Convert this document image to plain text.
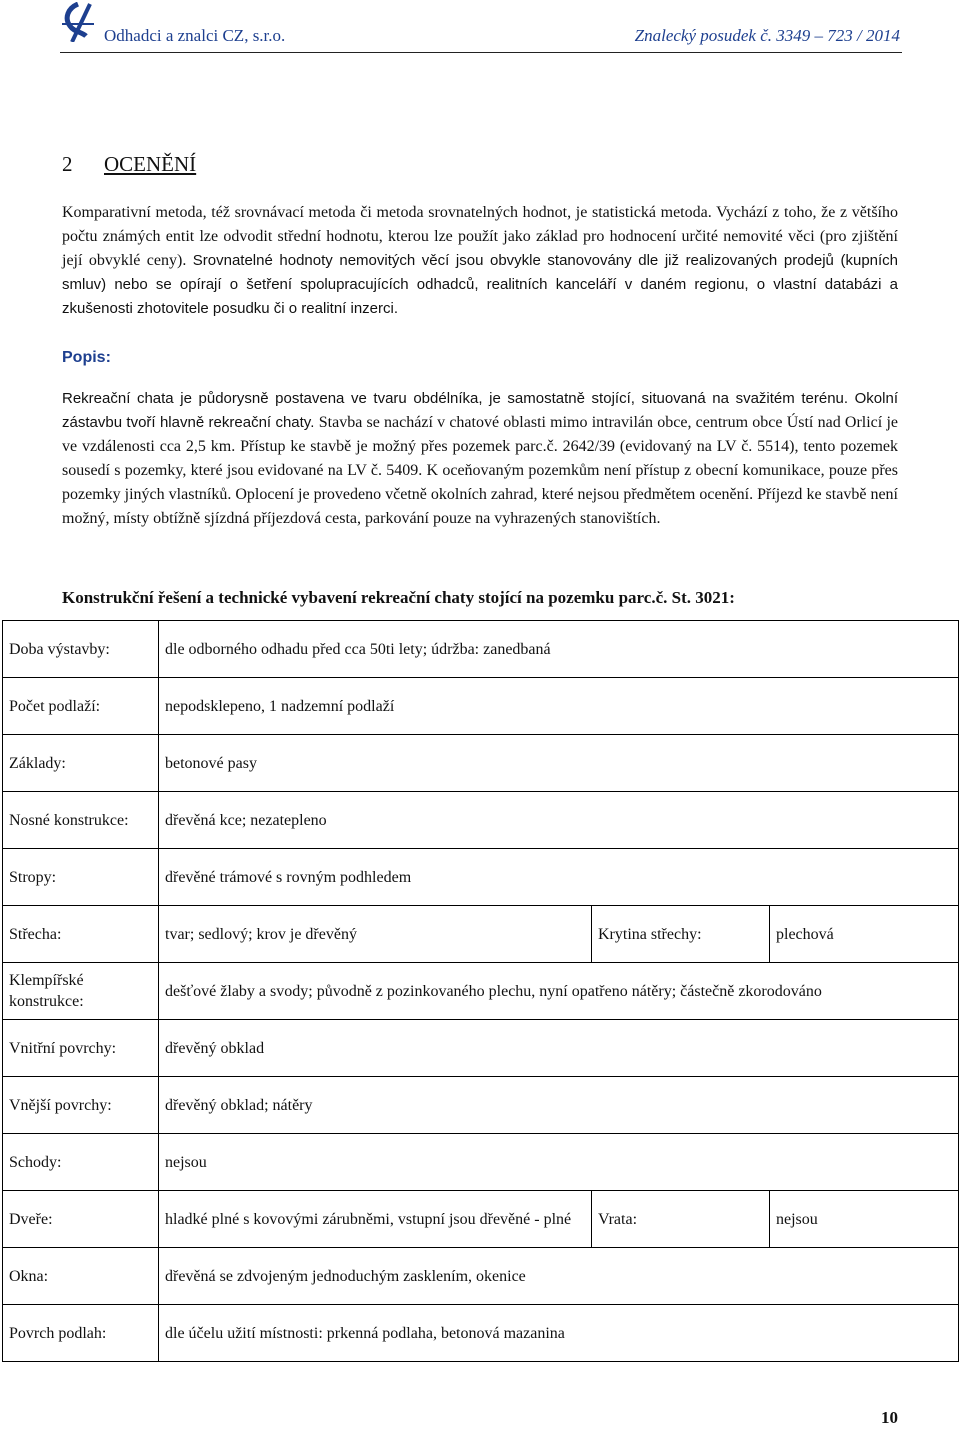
Odhadci a znalci CZ, s.r.o.	Znalecký posudek č. 3349 – 723 / 2014
2 OCENĚNÍ

Komparativní metoda, též srovnávací metoda či metoda srovnatelných hodnot, je statistická metoda. Vychází z toho, že z většího počtu známých entit lze odvodit střední hodnotu, kterou lze použít jako základ pro hodnocení určité nemovité věci (pro zjištění její obvyklé ceny). Srovnatelné hodnoty nemovitých věcí jsou obvykle stanovovány dle již realizovaných prodejů (kupních smluv) nebo se opírají o šetření spolupracujících odhadců, realitních kanceláří v daném regionu, o vlastní databázi a zkušenosti zhotovitele posudku či o realitní inzerci.

Popis:

Rekreační chata je půdorysně postavena ve tvaru obdélníka, je samostatně stojící, situovaná na svažitém terénu. Okolní zástavbu tvoří hlavně rekreační chaty. Stavba se nachází v chatové oblasti mimo intravilán obce, centrum obce Ústí nad Orlicí je ve vzdálenosti cca 2,5 km. Přístup ke stavbě je možný přes pozemek parc.č. 2642/39 (evidovaný na LV č. 5514), tento pozemek sousedí s pozemky, které jsou evidované na LV č. 5409. K oceňovaným pozemkům není přístup z obecní komunikace, pouze přes pozemky jiných vlastníků. Oplocení je provedeno včetně okolních zahrad, které nejsou předmětem ocenění. Příjezd ke stavbě není možný, místy obtížně sjízdná příjezdová cesta, parkování pouze na vyhrazených stanovištích.

Konstrukční řešení a technické vybavení rekreační chaty stojící na pozemku parc.č. St. 3021:
Doba výstavby:	dle odborného odhadu před cca 50ti lety; údržba: zanedbaná		
Počet podlaží:	nepodsklepeno, 1 nadzemní podlaží		
Základy:	betonové pasy		
Nosné konstrukce:	dřevěná kce; nezatepleno		
Stropy:	dřevěné trámové s rovným podhledem		
Střecha:	tvar; sedlový; krov je dřevěný	Krytina střechy:	plechová
Klempířské konstrukce:	dešťové žlaby a svody; původně z pozinkovaného plechu, nyní opatřeno nátěry; částečně zkorodováno		
Vnitřní povrchy:	dřevěný obklad		
Vnější povrchy:	dřevěný obklad; nátěry		
Schody:	nejsou		
Dveře:	hladké plné s kovovými zárubněmi, vstupní jsou dřevěné - plné	Vrata:	nejsou
Okna:	dřevěná se zdvojeným jednoduchým zasklením, okenice		
Povrch podlah:	dle účelu užití místnosti: prkenná podlaha, betonová mazanina		
10
